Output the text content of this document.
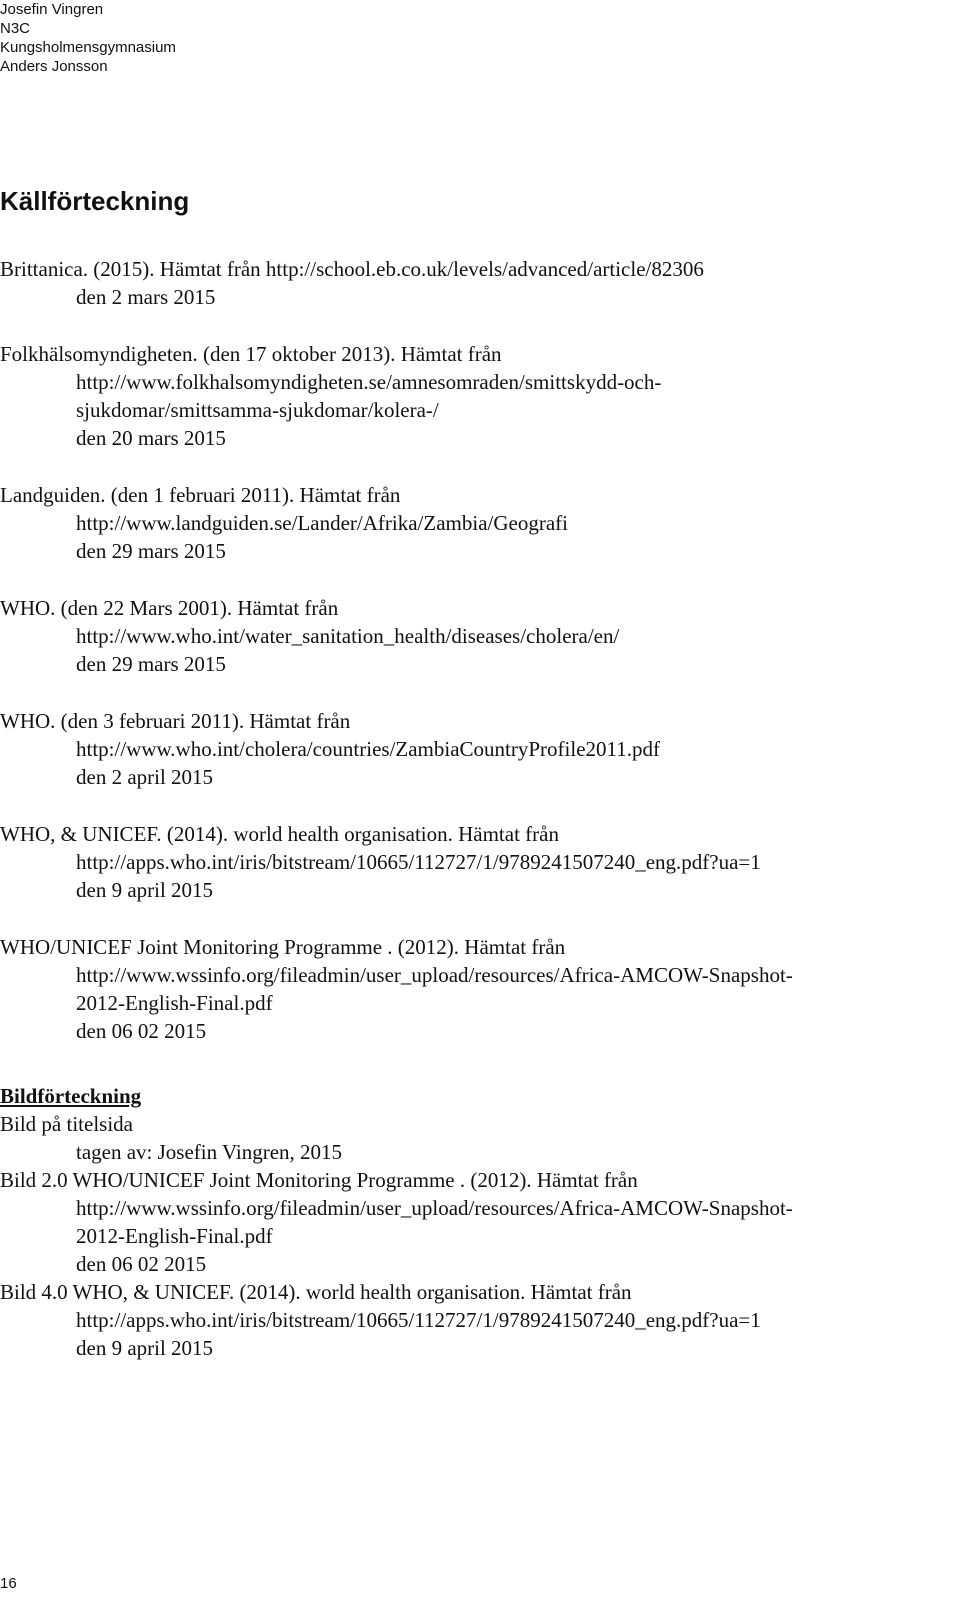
Josefin Vingren
N3C
Kungsholmensgymnasium
Anders Jonsson
Källförteckning
Brittanica. (2015). Hämtat från http://school.eb.co.uk/levels/advanced/article/82306
den 2 mars 2015
Folkhälsomyndigheten. (den 17 oktober 2013). Hämtat från
http://www.folkhalsomyndigheten.se/amnesomraden/smittskydd-och-
sjukdomar/smittsamma-sjukdomar/kolera-/
den 20 mars 2015
Landguiden. (den 1 februari 2011). Hämtat från
http://www.landguiden.se/Lander/Afrika/Zambia/Geografi
den 29 mars 2015
WHO. (den 22 Mars 2001). Hämtat från
http://www.who.int/water_sanitation_health/diseases/cholera/en/
den 29 mars 2015
WHO. (den 3 februari 2011). Hämtat från
http://www.who.int/cholera/countries/ZambiaCountryProfile2011.pdf
den 2 april 2015
WHO, & UNICEF. (2014). world health organisation. Hämtat från
http://apps.who.int/iris/bitstream/10665/112727/1/9789241507240_eng.pdf?ua=1
den 9 april 2015
WHO/UNICEF Joint Monitoring Programme . (2012). Hämtat från
http://www.wssinfo.org/fileadmin/user_upload/resources/Africa-AMCOW-Snapshot-
2012-English-Final.pdf
den 06 02 2015
Bildförteckning
Bild på titelsida
tagen av: Josefin Vingren, 2015
Bild 2.0 WHO/UNICEF Joint Monitoring Programme . (2012). Hämtat från
http://www.wssinfo.org/fileadmin/user_upload/resources/Africa-AMCOW-Snapshot-
2012-English-Final.pdf
den 06 02 2015
Bild 4.0 WHO, & UNICEF. (2014). world health organisation. Hämtat från
http://apps.who.int/iris/bitstream/10665/112727/1/9789241507240_eng.pdf?ua=1
den 9 april 2015
16
